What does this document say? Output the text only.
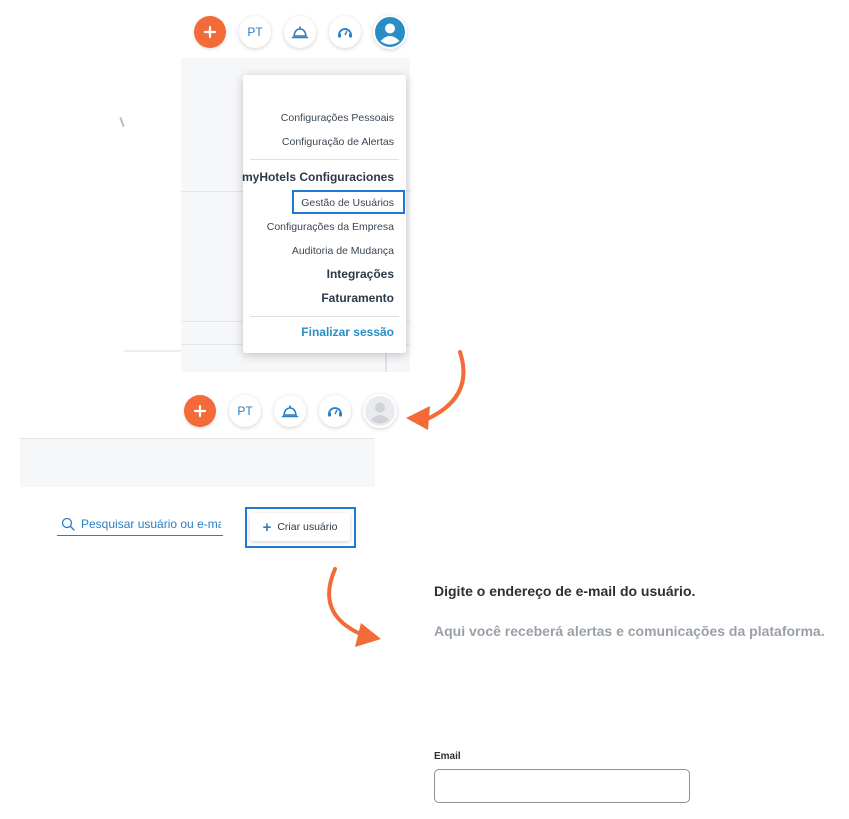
PT
Configurações Pessoais
Configuração de Alertas
myHotels Configuraciones
Gestão de Usuários
Configurações da Empresa
Auditoria de Mudança
Integrações
Faturamento
Finalizar sessão
PT
Pesquisar usuário ou e-ma
+ Criar usuário
Digite o endereço de e-mail do usuário.
Aqui você receberá alertas e comunicações da plataforma.
Email
